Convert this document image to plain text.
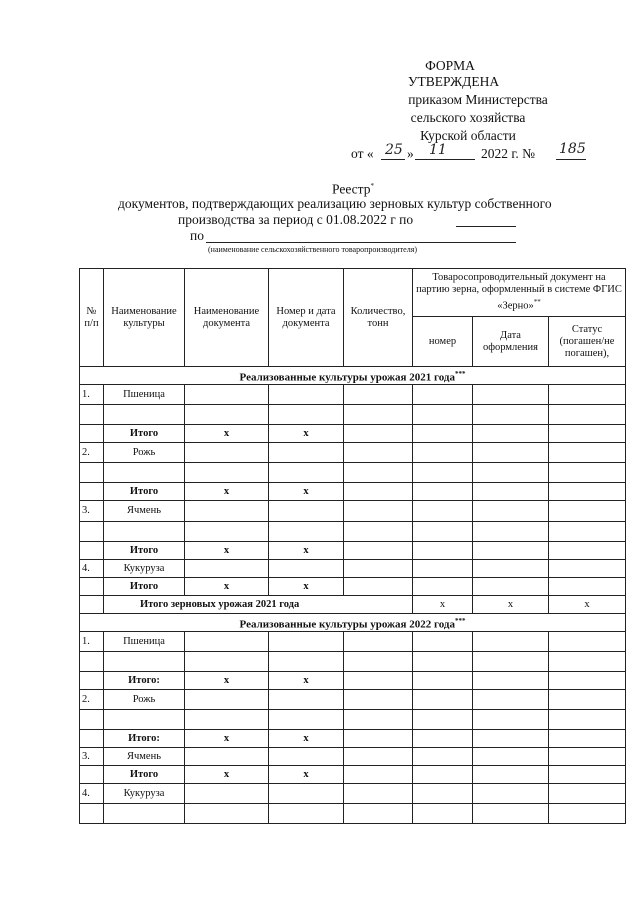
ФОРМА
УТВЕРЖДЕНА
приказом Министерства
сельского хозяйства
Курской области
от « 25 » 11	2022 г. № 185
Реестр*
документов, подтверждающих реализацию зерновых культур собственного
производства за период с 01.08.2022 г по
по
(наименование сельскохозяйственного товаропроизводителя)
№ п/п	Наименование культуры	Наименование документа	Номер и дата документа	Количество, тонн	Товаросопроводительный документ на партию зерна, оформленный в системе ФГИС «Зерно»**
					номер	Дата оформления	Статус (погашен/не погашен),
Реализованные культуры урожая 2021 года***
1.	Пшеница						

	Итого	х	х				
2.	Рожь						

	Итого	х	х				
3.	Ячмень						

	Итого	х	х				
4.	Кукуруза						
	Итого	х	х				
	Итого зерновых урожая 2021 года				х	х	х
Реализованные культуры урожая 2022 года***
1.	Пшеница						

	Итого:	х	х				
2.	Рожь						

	Итого:	х	х				
3.	Ячмень						
	Итого	х	х				
4.	Кукуруза						
